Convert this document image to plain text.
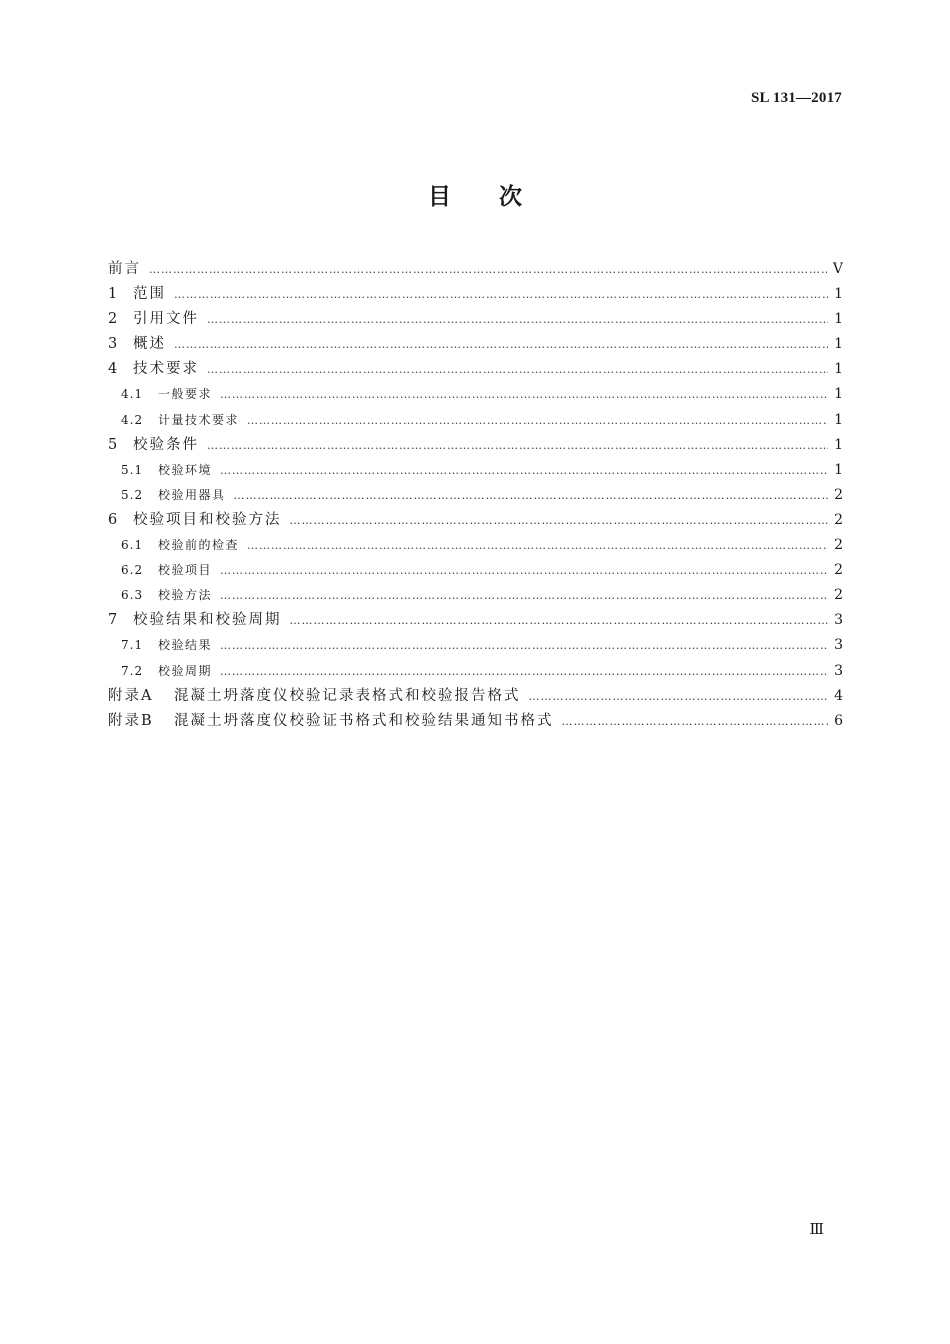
SL 131—2017
目次
前言 ………………………………………………………………………………………………………………………………………………………………………………………………………………	Ⅴ
1	范围 ………………………………………………………………………………………………………………………………………………………………………………………………………………	1
2	引用文件 ………………………………………………………………………………………………………………………………………………………………………………………………………………	1
3	概述 ………………………………………………………………………………………………………………………………………………………………………………………………………………	1
4	技术要求 ………………………………………………………………………………………………………………………………………………………………………………………………………………	1
4.1	一般要求 ………………………………………………………………………………………………………………………………………………………………………………………………………………	1
4.2	计量技术要求 ………………………………………………………………………………………………………………………………………………………………………………………………………………	1
5	校验条件 ………………………………………………………………………………………………………………………………………………………………………………………………………………	1
5.1	校验环境 ………………………………………………………………………………………………………………………………………………………………………………………………………………	1
5.2	校验用器具 ………………………………………………………………………………………………………………………………………………………………………………………………………………	2
6	校验项目和校验方法 ………………………………………………………………………………………………………………………………………………………………………………………………………………	2
6.1	校验前的检查 ………………………………………………………………………………………………………………………………………………………………………………………………………………	2
6.2	校验项目 ………………………………………………………………………………………………………………………………………………………………………………………………………………	2
6.3	校验方法 ………………………………………………………………………………………………………………………………………………………………………………………………………………	2
7	校验结果和校验周期 ………………………………………………………………………………………………………………………………………………………………………………………………………………	3
7.1	校验结果 ………………………………………………………………………………………………………………………………………………………………………………………………………………	3
7.2	校验周期 ………………………………………………………………………………………………………………………………………………………………………………………………………………	3
附录A	混凝土坍落度仪校验记录表格式和校验报告格式 ………………………………………………………………………………………………………………………………………………………………………………………………………………	4
附录B	混凝土坍落度仪校验证书格式和校验结果通知书格式 ………………………………………………………………………………………………………………………………………………………………………………………………………………	6
Ⅲ
